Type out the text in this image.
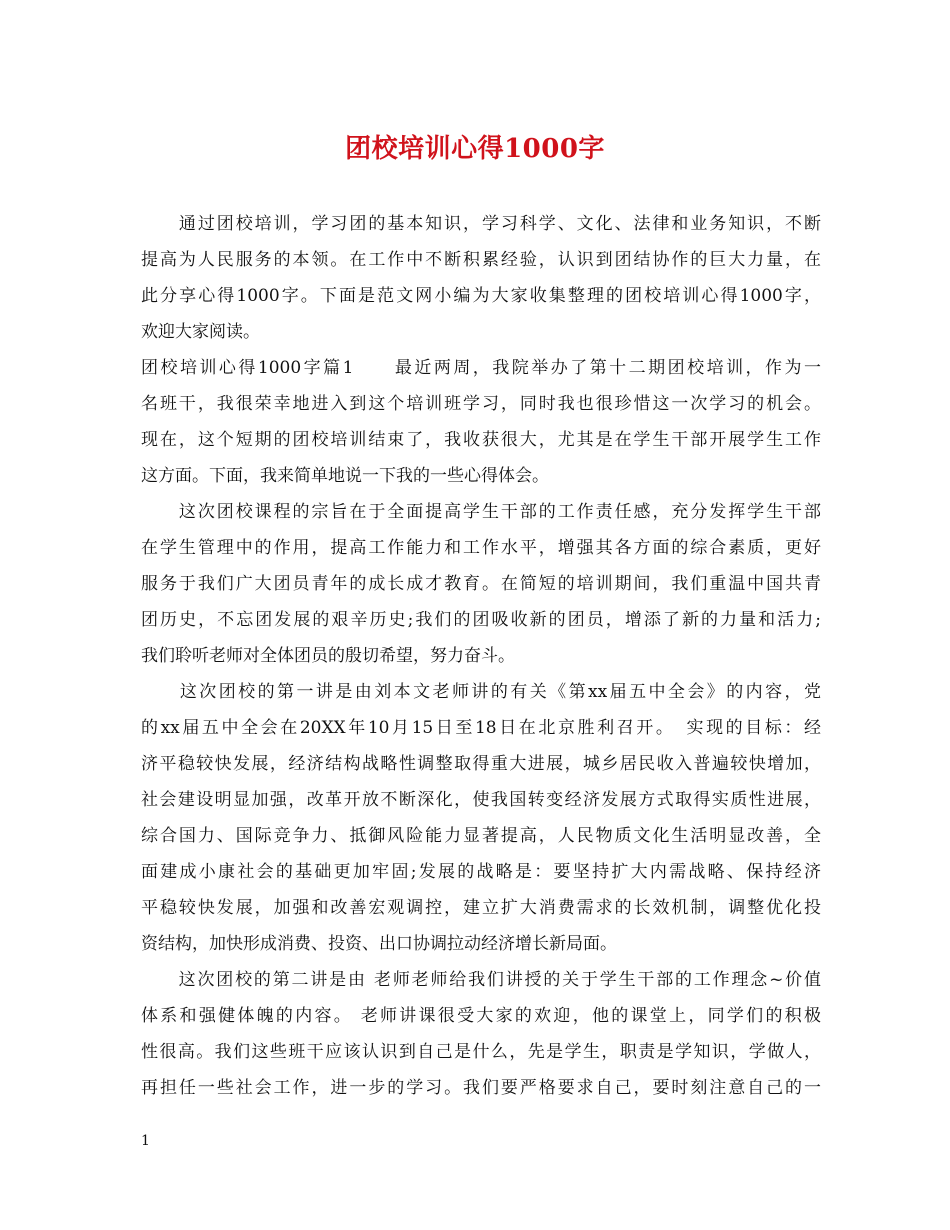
团校培训心得1000字
　　通过团校培训，学习团的基本知识，学习科学、文化、法律和业务知识，不断
提高为人民服务的本领。在工作中不断积累经验，认识到团结协作的巨大力量，在
此分享心得1000字。下面是范文网小编为大家收集整理的团校培训心得1000字，
欢迎大家阅读。
团校培训心得1000字篇1　　最近两周，我院举办了第十二期团校培训，作为一
名班干，我很荣幸地进入到这个培训班学习，同时我也很珍惜这一次学习的机会。
现在，这个短期的团校培训结束了，我收获很大，尤其是在学生干部开展学生工作
这方面。下面，我来简单地说一下我的一些心得体会。
　　这次团校课程的宗旨在于全面提高学生干部的工作责任感，充分发挥学生干部
在学生管理中的作用，提高工作能力和工作水平，增强其各方面的综合素质，更好
服务于我们广大团员青年的成长成才教育。在简短的培训期间，我们重温中国共青
团历史，不忘团发展的艰辛历史;我们的团吸收新的团员，增添了新的力量和活力;
我们聆听老师对全体团员的殷切希望，努力奋斗。
　　这次团校的第一讲是由刘本文老师讲的有关《第xx届五中全会》的内容，党
的xx届五中全会在20XX年10月15日至18日在北京胜利召开。　实现的目标：经
济平稳较快发展，经济结构战略性调整取得重大进展，城乡居民收入普遍较快增加，
社会建设明显加强，改革开放不断深化，使我国转变经济发展方式取得实质性进展，
综合国力、国际竞争力、抵御风险能力显著提高，人民物质文化生活明显改善，全
面建成小康社会的基础更加牢固;发展的战略是：要坚持扩大内需战略、保持经济
平稳较快发展，加强和改善宏观调控，建立扩大消费需求的长效机制，调整优化投
资结构，加快形成消费、投资、出口协调拉动经济增长新局面。
　　这次团校的第二讲是由 老师老师给我们讲授的关于学生干部的工作理念~价值
体系和强健体魄的内容。 老师讲课很受大家的欢迎，他的课堂上，同学们的积极
性很高。我们这些班干应该认识到自己是什么，先是学生，职责是学知识，学做人，
再担任一些社会工作，进一步的学习。我们要严格要求自己，要时刻注意自己的一
1
